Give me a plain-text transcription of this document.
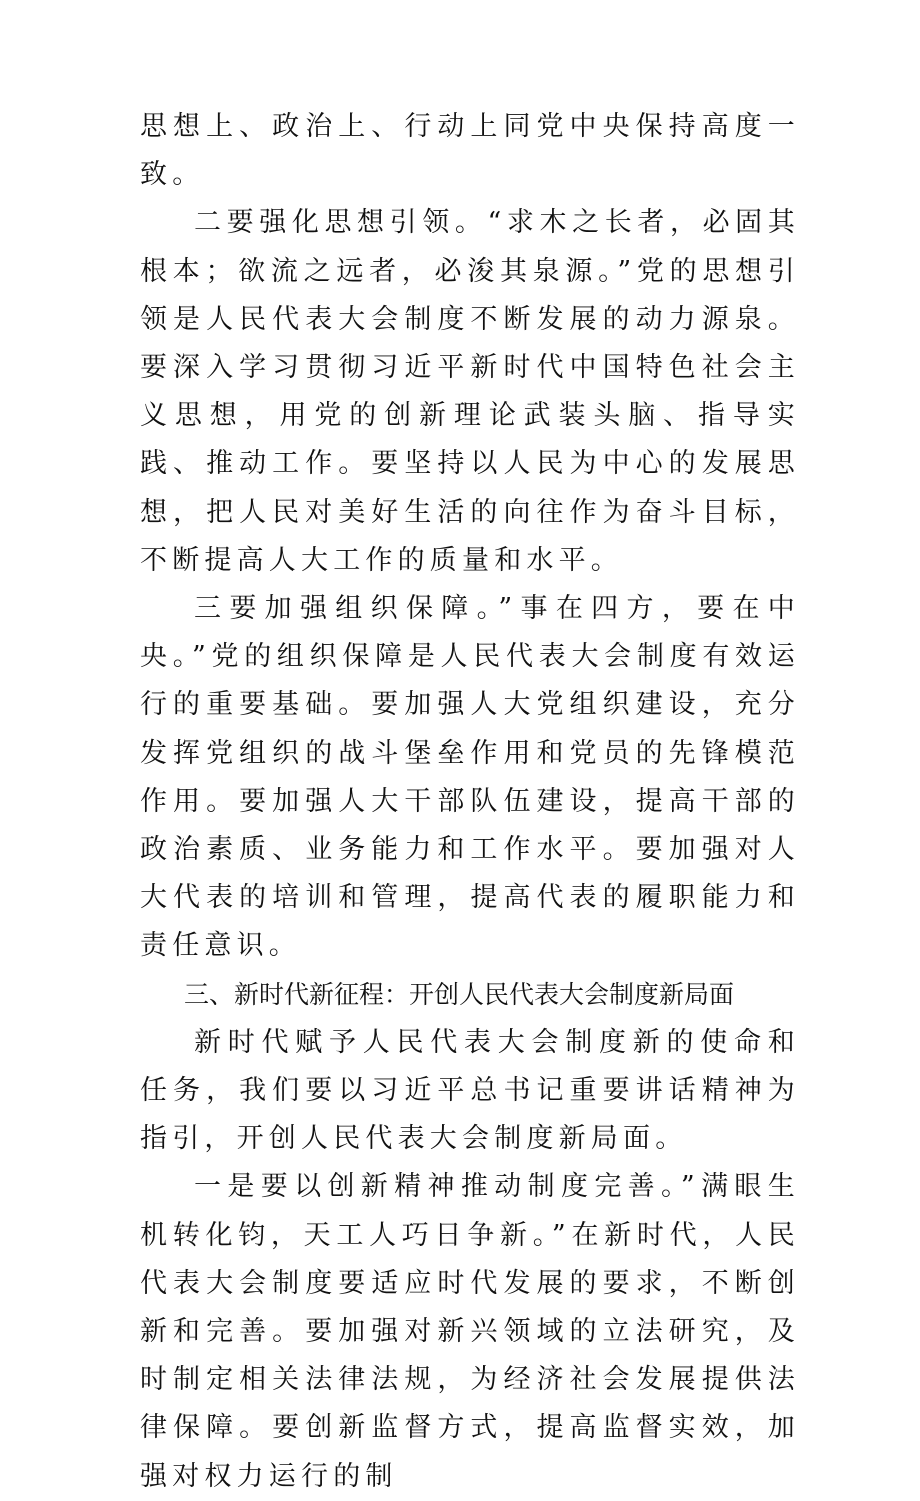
思想上、政治上、行动上同党中央保持高度一致。

二要强化思想引领。“求木之长者，必固其根本；欲流之远者，必浚其泉源。”党的思想引领是人民代表大会制度不断发展的动力源泉。要深入学习贯彻习近平新时代中国特色社会主义思想，用党的创新理论武装头脑、指导实践、推动工作。要坚持以人民为中心的发展思想，把人民对美好生活的向往作为奋斗目标，不断提高人大工作的质量和水平。

三要加强组织保障。”事在四方，要在中央。”党的组织保障是人民代表大会制度有效运行的重要基础。要加强人大党组织建设，充分发挥党组织的战斗堡垒作用和党员的先锋模范作用。要加强人大干部队伍建设，提高干部的政治素质、业务能力和工作水平。要加强对人大代表的培训和管理，提高代表的履职能力和责任意识。

三、新时代新征程：开创人民代表大会制度新局面

新时代赋予人民代表大会制度新的使命和任务，我们要以习近平总书记重要讲话精神为指引，开创人民代表大会制度新局面。

一是要以创新精神推动制度完善。”满眼生机转化钧，天工人巧日争新。”在新时代，人民代表大会制度要适应时代发展的要求，不断创新和完善。要加强对新兴领域的立法研究，及时制定相关法律法规，为经济社会发展提供法律保障。要创新监督方式，提高监督实效，加强对权力运行的制
